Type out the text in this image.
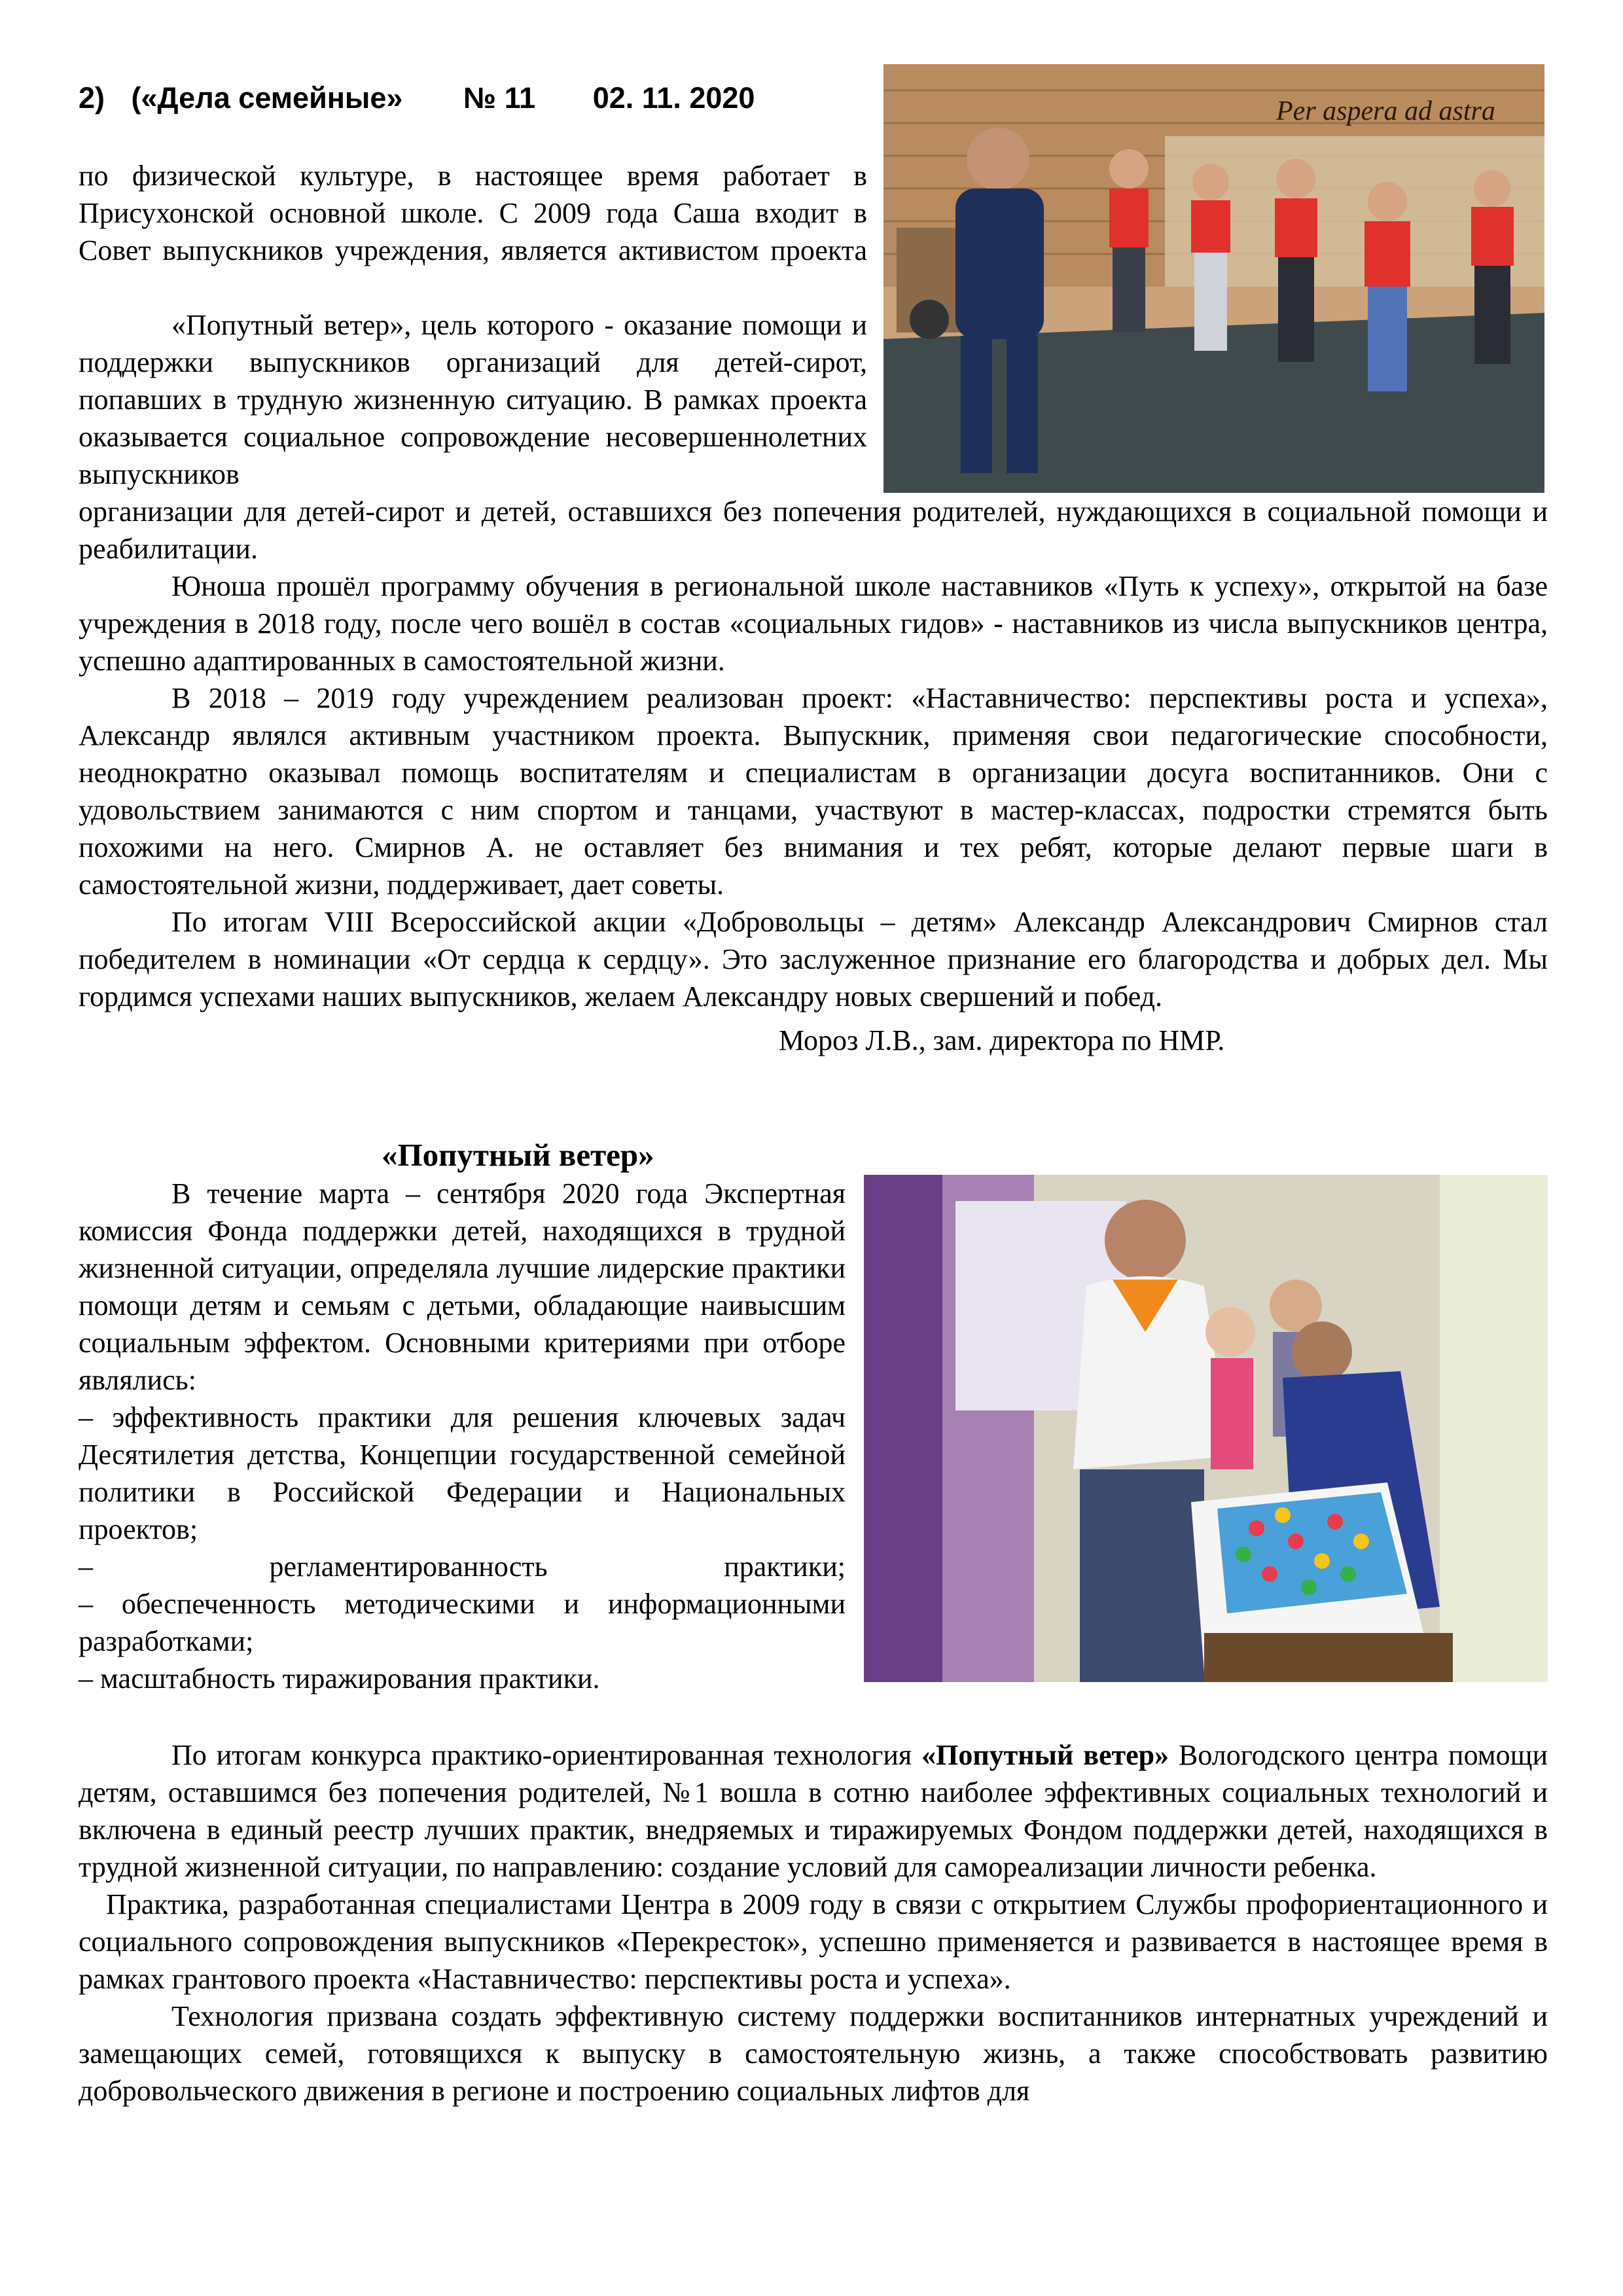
2) («Дела семейные» № 11 02. 11. 2020	Per aspera ad astra

по физической культуре, в настоящее время работает в Присухонской основной школе. С 2009 года Саша входит в Совет выпускников учреждения, является активистом проекта

«Попутный ветер», цель которого - оказание помощи и поддержки выпускников организаций для детей-сирот, попавших в трудную жизненную ситуацию. В рамках проекта оказывается социальное сопровождение несовершеннолетних выпускников

организации для детей-сирот и детей, оставшихся без попечения родителей, нуждающихся в социальной помощи и реабилитации.

Юноша прошёл программу обучения в региональной школе наставников «Путь к успеху», открытой на базе учреждения в 2018 году, после чего вошёл в состав «социальных гидов» - наставников из числа выпускников центра, успешно адаптированных в самостоятельной жизни.

В 2018 – 2019 году учреждением реализован проект: «Наставничество: перспективы роста и успеха», Александр являлся активным участником проекта. Выпускник, применяя свои педагогические способности, неоднократно оказывал помощь воспитателям и специалистам в организации досуга воспитанников. Они с удовольствием занимаются с ним спортом и танцами, участвуют в мастер-классах, подростки стремятся быть похожими на него. Смирнов А. не оставляет без внимания и тех ребят, которые делают первые шаги в самостоятельной жизни, поддерживает, дает советы.

По итогам VIII Всероссийской акции «Добровольцы – детям» Александр Александрович Смирнов стал победителем в номинации «От сердца к сердцу». Это заслуженное признание его благородства и добрых дел. Мы гордимся успехами наших выпускников, желаем Александру новых свершений и побед.

Мороз Л.В., зам. директора по НМР.

«Попутный ветер»

В течение марта – сентября 2020 года Экспертная комиссия Фонда поддержки детей, находящихся в трудной жизненной ситуации, определяла лучшие лидерские практики помощи детям и семьям с детьми, обладающие наивысшим социальным эффектом. Основными критериями при отборе являлись:

– эффективность практики для решения ключевых задач Десятилетия детства, Концепции государственной семейной политики в Российской Федерации и Национальных проектов;

– регламентированность практики;

– обеспеченность методическими и информационными разработками;

– масштабность тиражирования практики.

По итогам конкурса практико-ориентированная технология «Попутный ветер» Вологодского центра помощи детям, оставшимся без попечения родителей, №1 вошла в сотню наиболее эффективных социальных технологий и включена в единый реестр лучших практик, внедряемых и тиражируемых Фондом поддержки детей, находящихся в трудной жизненной ситуации, по направлению: создание условий для самореализации личности ребенка.

Практика, разработанная специалистами Центра в 2009 году в связи с открытием Службы профориентационного и социального сопровождения выпускников «Перекресток», успешно применяется и развивается в настоящее время в рамках грантового проекта «Наставничество: перспективы роста и успеха».

Технология призвана создать эффективную систему поддержки воспитанников интернатных учреждений и замещающих семей, готовящихся к выпуску в самостоятельную жизнь, а также способствовать развитию добровольческого движения в регионе и построению социальных лифтов для
